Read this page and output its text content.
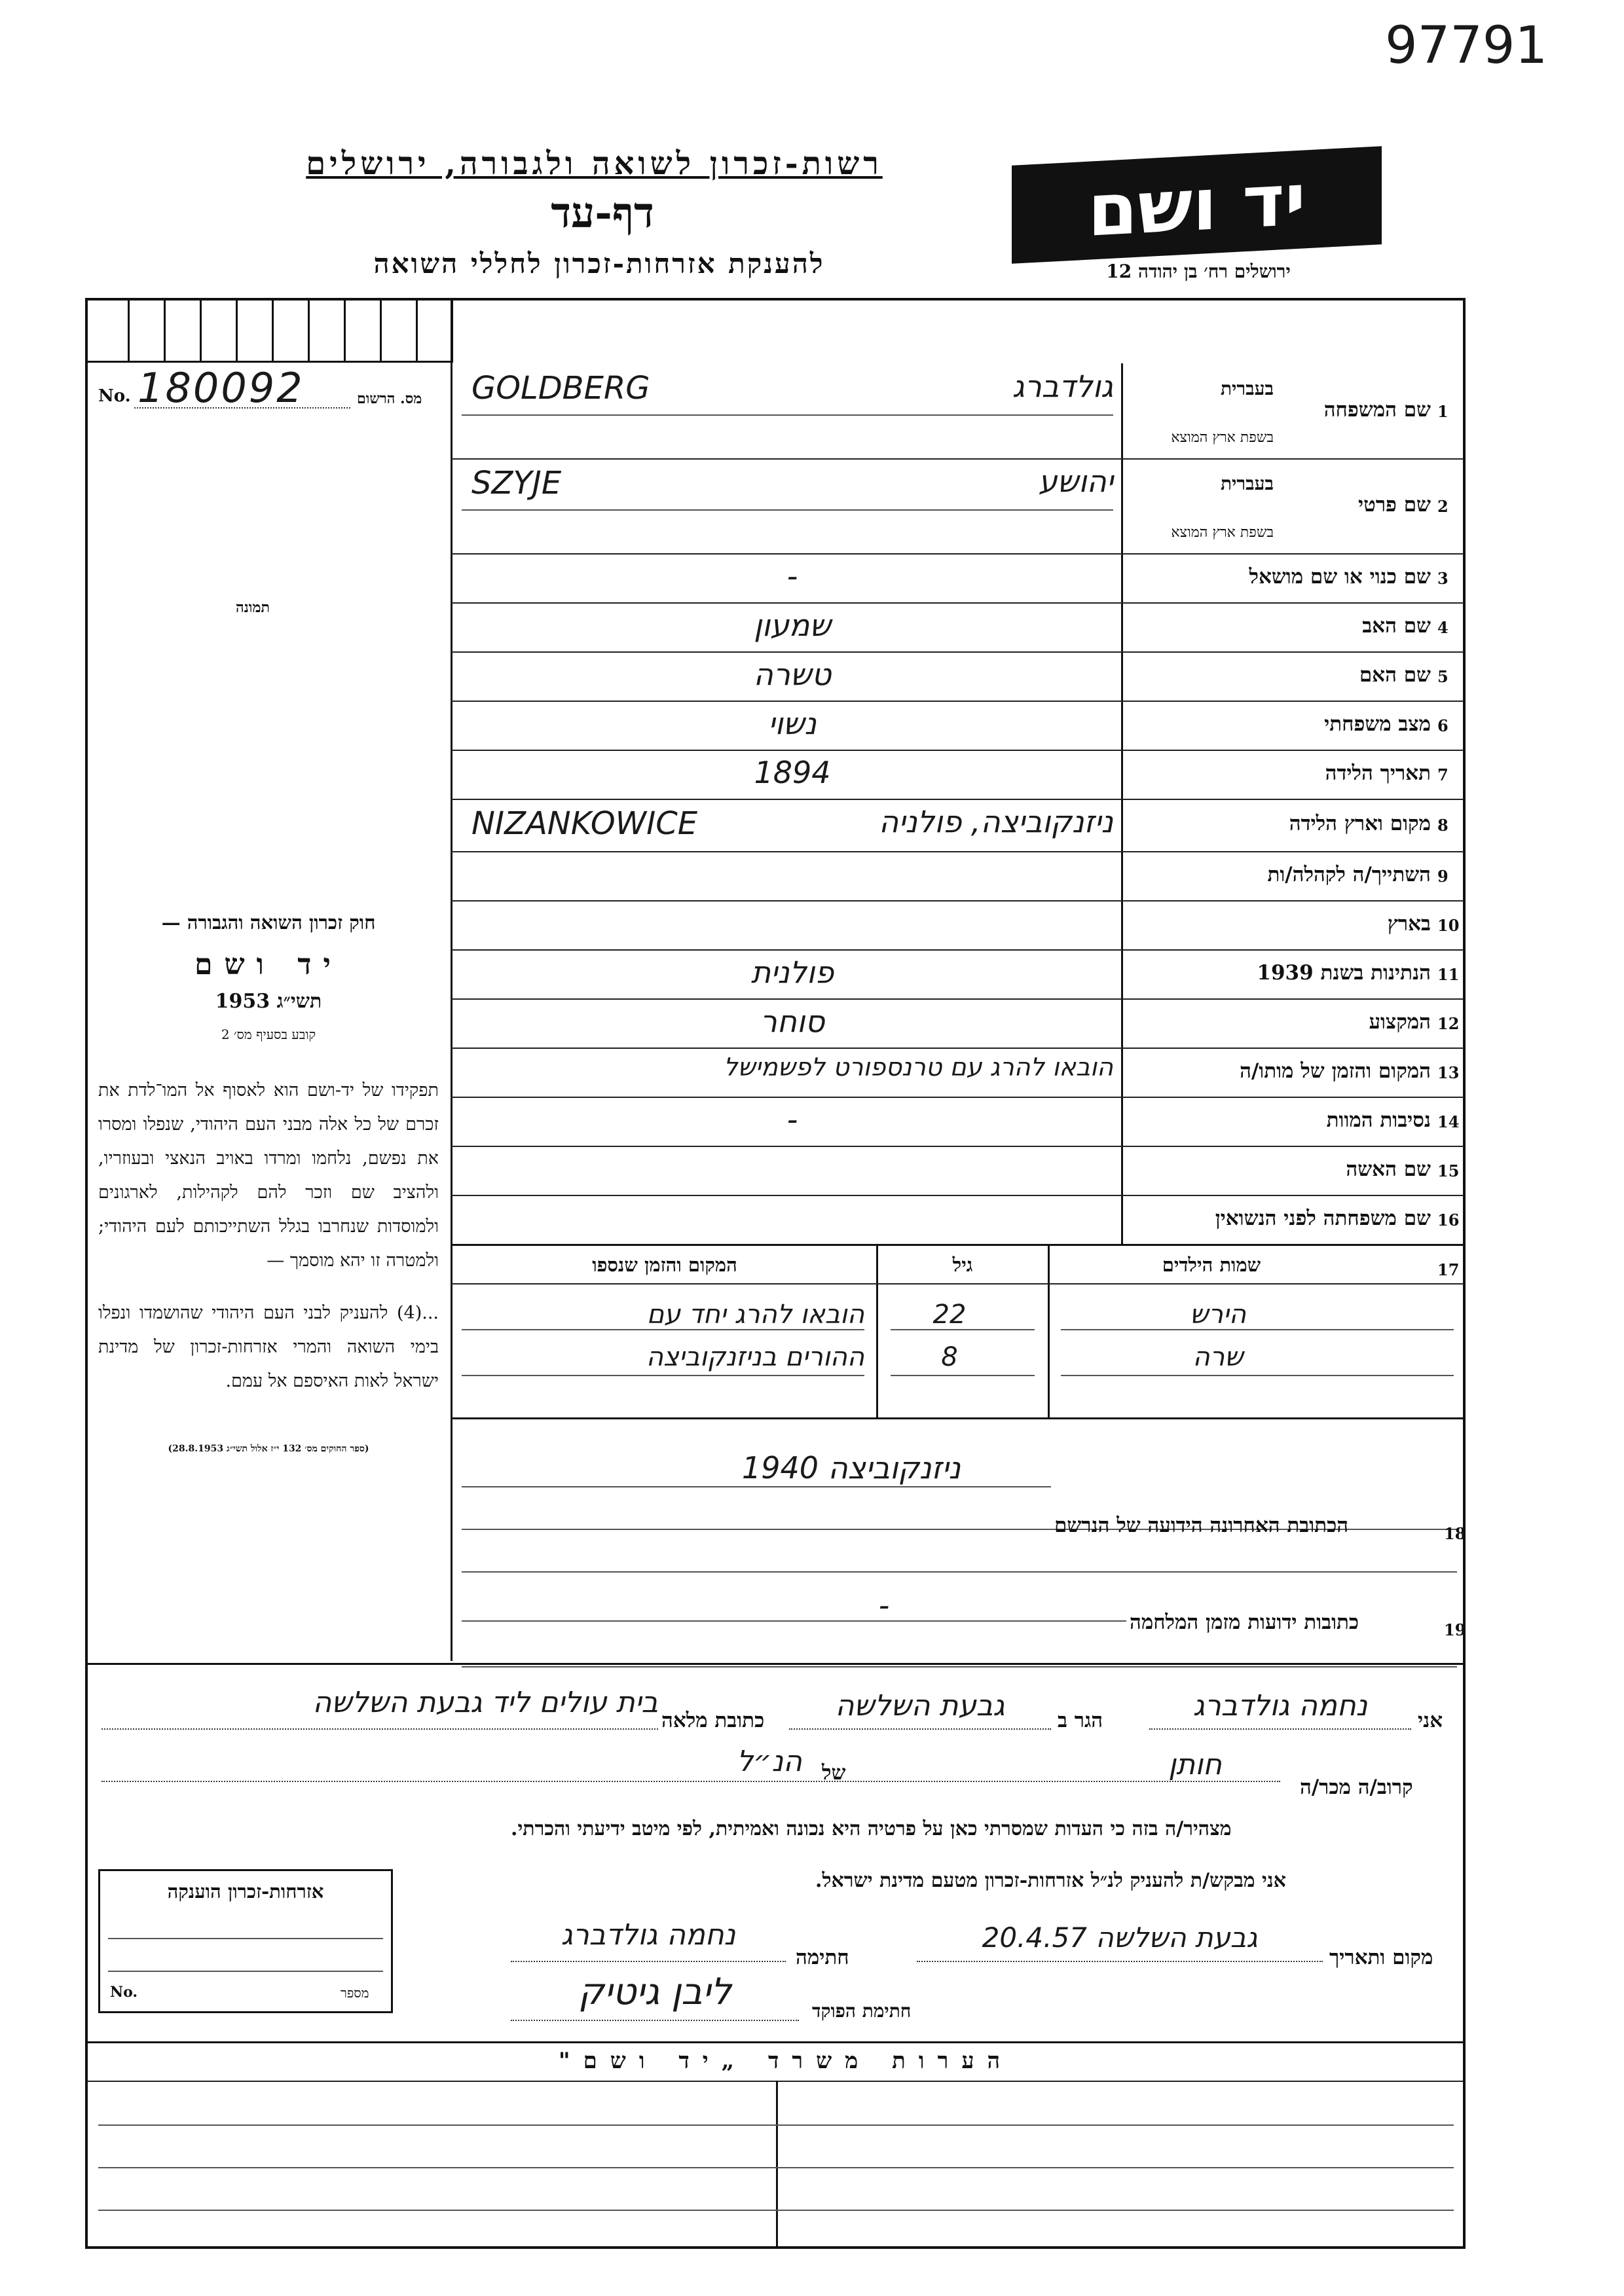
97791
רשות-זכרון לשואה ולגבורה, ירושלים
דף-עד
להענקת אזרחות-זכרון לחללי השואה
יד ושם
ירושלים רח׳ בן יהודה 12
No. 180092	מס. הרשום
תמונה
חוק זכרון השואה והגבורה —
יד ושם
תשי״ג 1953
קובע בסעיף מס׳ 2
תפקידו של יד-ושם הוא לאסוף אל המו־לדת את זכרם של כל אלה מבני העם היהודי, שנפלו ומסרו את נפשם, נלחמו ומרדו באויב הנאצי ובעוזריו, ולהציב שם וזכר להם לקהילות, לארגונים ולמוסדות שנחרבו בגלל השתייכותם לעם היהודי; ולמטרה זו יהא מוסמך —
...(4) להעניק לבני העם היהודי שהושמדו ונפלו בימי השואה והמרי אזרחות-זכרון של מדינת ישראל לאות האיספם אל עמם.
(ספר החוקים מס׳ 132 י״ז אלול תשי״ג 28.8.1953)
1
שם המשפחה
בעברית
בשפת ארץ המוצא
GOLDBERG	גולדברג
2
שם פרטי
בעברית
בשפת ארץ המוצא
SZYJE	יהושע
3
שם כנוי או שם מושאל
-
4
שם האב
שמעון
5
שם האם
טשרה
6
מצב משפחתי
נשוי
7
תאריך הלידה
1894
8
מקום וארץ הלידה
NIZANKOWICE	ניזנקוביצה, פולניה
9
השתייך/ה לקהלה/ות
10
בארץ
11
הנתינות בשנת 1939
פולנית
12
המקצוע
סוחר
13
המקום והזמן של מותו/ה
הובאו להרג עם טרנספורט לפשמישל
14
נסיבות המוות
-
15
שם האשה
16
שם משפחתה לפני הנשואין
המקום והזמן שנספו	גיל	שמות הילדים	17
הובאו להרג יחד עם	22	הירש
ההורים בניזנקוביצה	8	שרה
ניזנקוביצה 1940
הכתובת האחרונה הידועה של הנרשם	18
-	כתובות ידועות מזמן המלחמה	19
אני
נחמה גולדברג
הגר ב
גבעת השלשה
כתובת מלאה
בית עולים ליד גבעת השלשה
קרוב/ה מכר/ה
חותן
של
הנ״ל
מצהיר/ה בזה כי העדות שמסרתי כאן על פרטיה היא נכונה ואמיתית, לפי מיטב ידיעתי והכרתי.
אני מבקש/ת להעניק לנ״ל אזרחות-זכרון מטעם מדינת ישראל.
מקום ותאריך
גבעת השלשה 20.4.57
חתימה
נחמה גולדברג
חתימת הפוקד
ליבן גיטיק
אזרחות-זכרון הוענקה
No.	מספר
הערות משרד „יד ושם"
